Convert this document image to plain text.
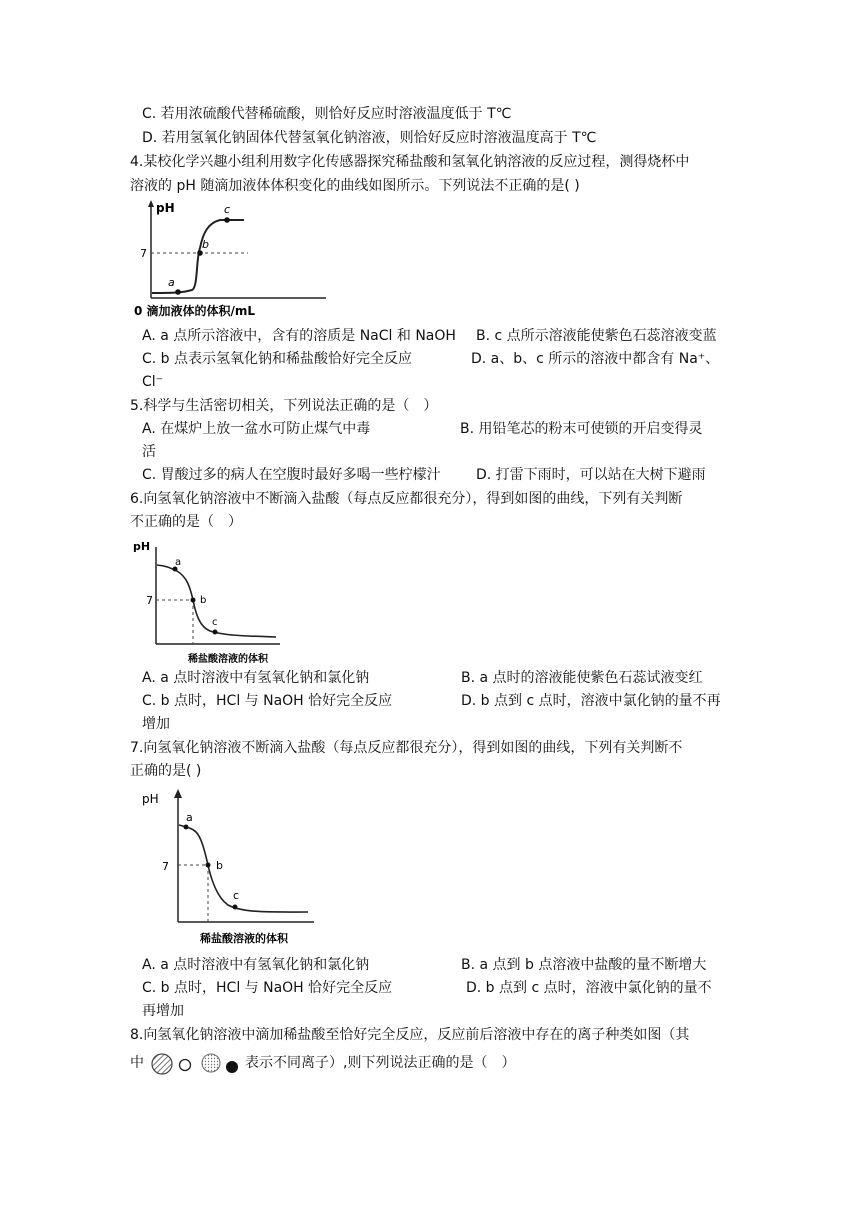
C. 若用浓硫酸代替稀硫酸，则恰好反应时溶液温度低于 T℃
D. 若用氢氧化钠固体代替氢氧化钠溶液，则恰好反应时溶液温度高于 T℃
4.某校化学兴趣小组利用数字化传感器探究稀盐酸和氢氧化钠溶液的反应过程，测得烧杯中
溶液的 pH 随滴加液体体积变化的曲线如图所示。下列说法不正确的是( )
pH
7
a
b
c
0 滴加液体的体积/mL
A. a 点所示溶液中，含有的溶质是 NaCl 和 NaOH B. c 点所示溶液能使紫色石蕊溶液变蓝
C. b 点表示氢氧化钠和稀盐酸恰好完全反应	D. a、b、c 所示的溶液中都含有 Na⁺、
Cl⁻
5.科学与生活密切相关，下列说法正确的是（　）
A. 在煤炉上放一盆水可防止煤气中毒	B. 用铅笔芯的粉末可使锁的开启变得灵
活
C. 胃酸过多的病人在空腹时最好多喝一些柠檬汁	D. 打雷下雨时，可以站在大树下避雨
6.向氢氧化钠溶液中不断滴入盐酸（每点反应都很充分），得到如图的曲线，下列有关判断
不正确的是（　）
pH
7
a
b
c
稀盐酸溶液的体积
A. a 点时溶液中有氢氧化钠和氯化钠	B. a 点时的溶液能使紫色石蕊试液变红
C. b 点时，HCl 与 NaOH 恰好完全反应	D. b 点到 c 点时，溶液中氯化钠的量不再
增加
7.向氢氧化钠溶液不断滴入盐酸（每点反应都很充分），得到如图的曲线，下列有关判断不
正确的是( )
pH
7
a
b
c
稀盐酸溶液的体积
A. a 点时溶液中有氢氧化钠和氯化钠	B. a 点到 b 点溶液中盐酸的量不断增大
C. b 点时，HCl 与 NaOH 恰好完全反应	D. b 点到 c 点时，溶液中氯化钠的量不
再增加
8.向氢氧化钠溶液中滴加稀盐酸至恰好完全反应，反应前后溶液中存在的离子种类如图（其
中	表示不同离子）,则下列说法正确的是（　）
